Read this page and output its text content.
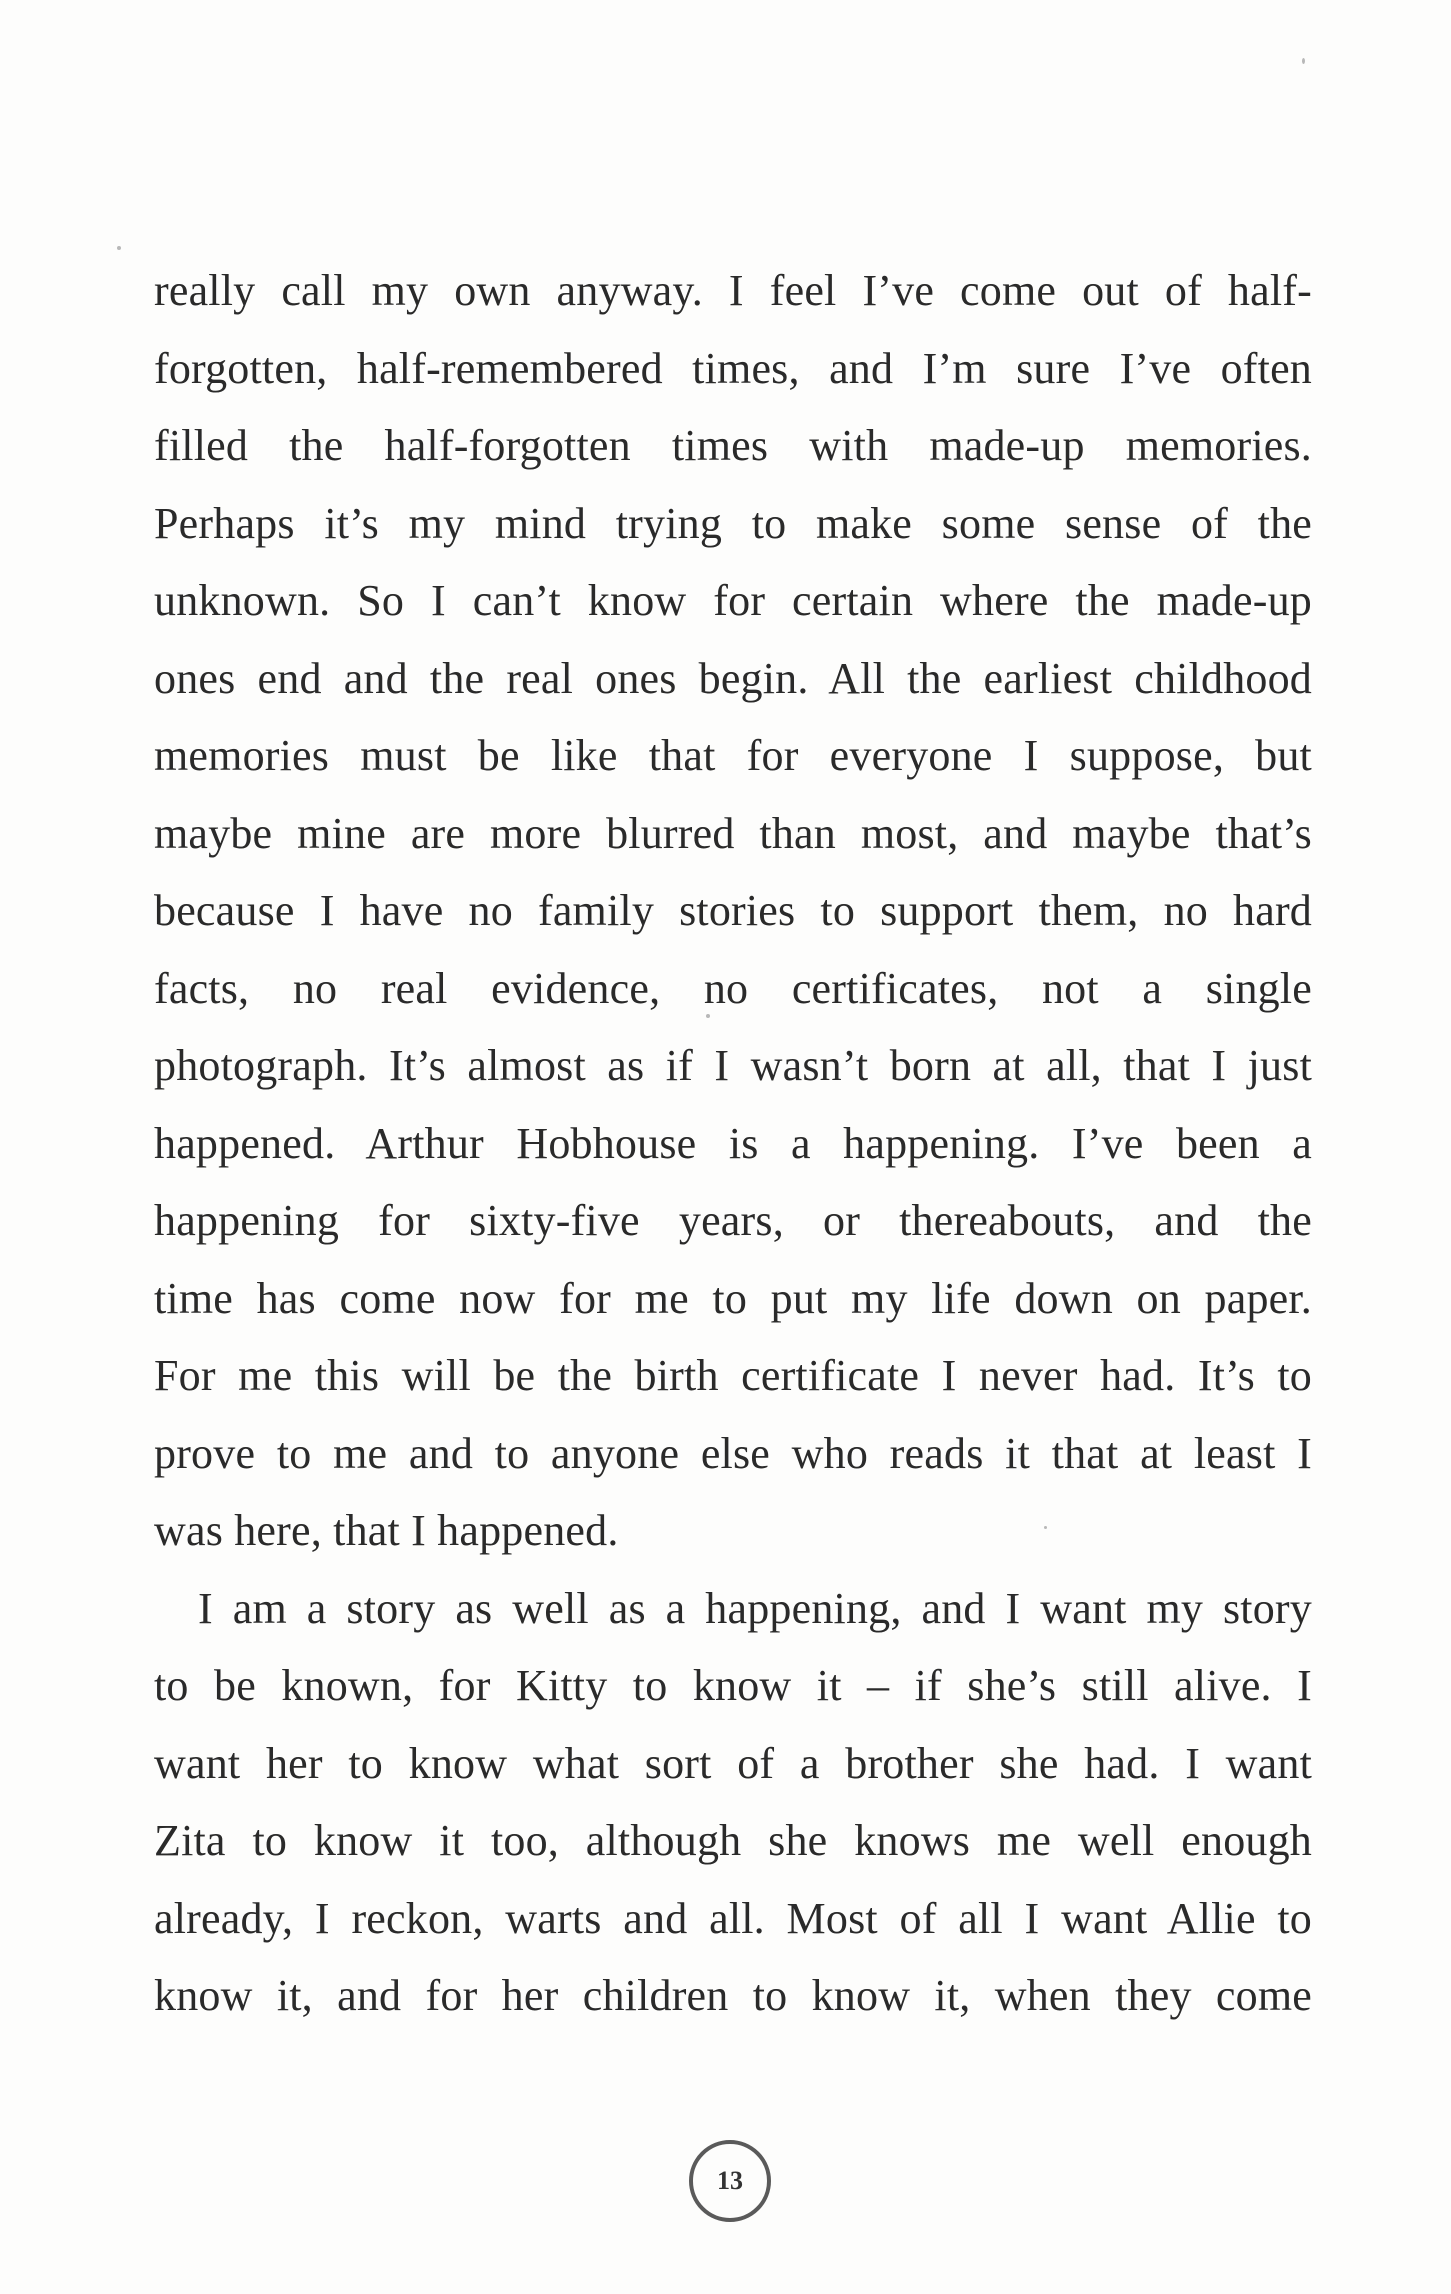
really call my own anyway. I feel I’ve come out of half-
forgotten, half-remembered times, and I’m sure I’ve often
filled the half-forgotten times with made-up memories.
Perhaps it’s my mind trying to make some sense of the
unknown. So I can’t know for certain where the made-up
ones end and the real ones begin. All the earliest childhood
memories must be like that for everyone I suppose, but
maybe mine are more blurred than most, and maybe that’s
because I have no family stories to support them, no hard
facts, no real evidence, no certificates, not a single
photograph. It’s almost as if I wasn’t born at all, that I just
happened. Arthur Hobhouse is a happening. I’ve been a
happening for sixty-five years, or thereabouts, and the
time has come now for me to put my life down on paper.
For me this will be the birth certificate I never had. It’s to
prove to me and to anyone else who reads it that at least I
was here, that I happened.
I am a story as well as a happening, and I want my story
to be known, for Kitty to know it – if she’s still alive. I
want her to know what sort of a brother she had. I want
Zita to know it too, although she knows me well enough
already, I reckon, warts and all. Most of all I want Allie to
know it, and for her children to know it, when they come
13
